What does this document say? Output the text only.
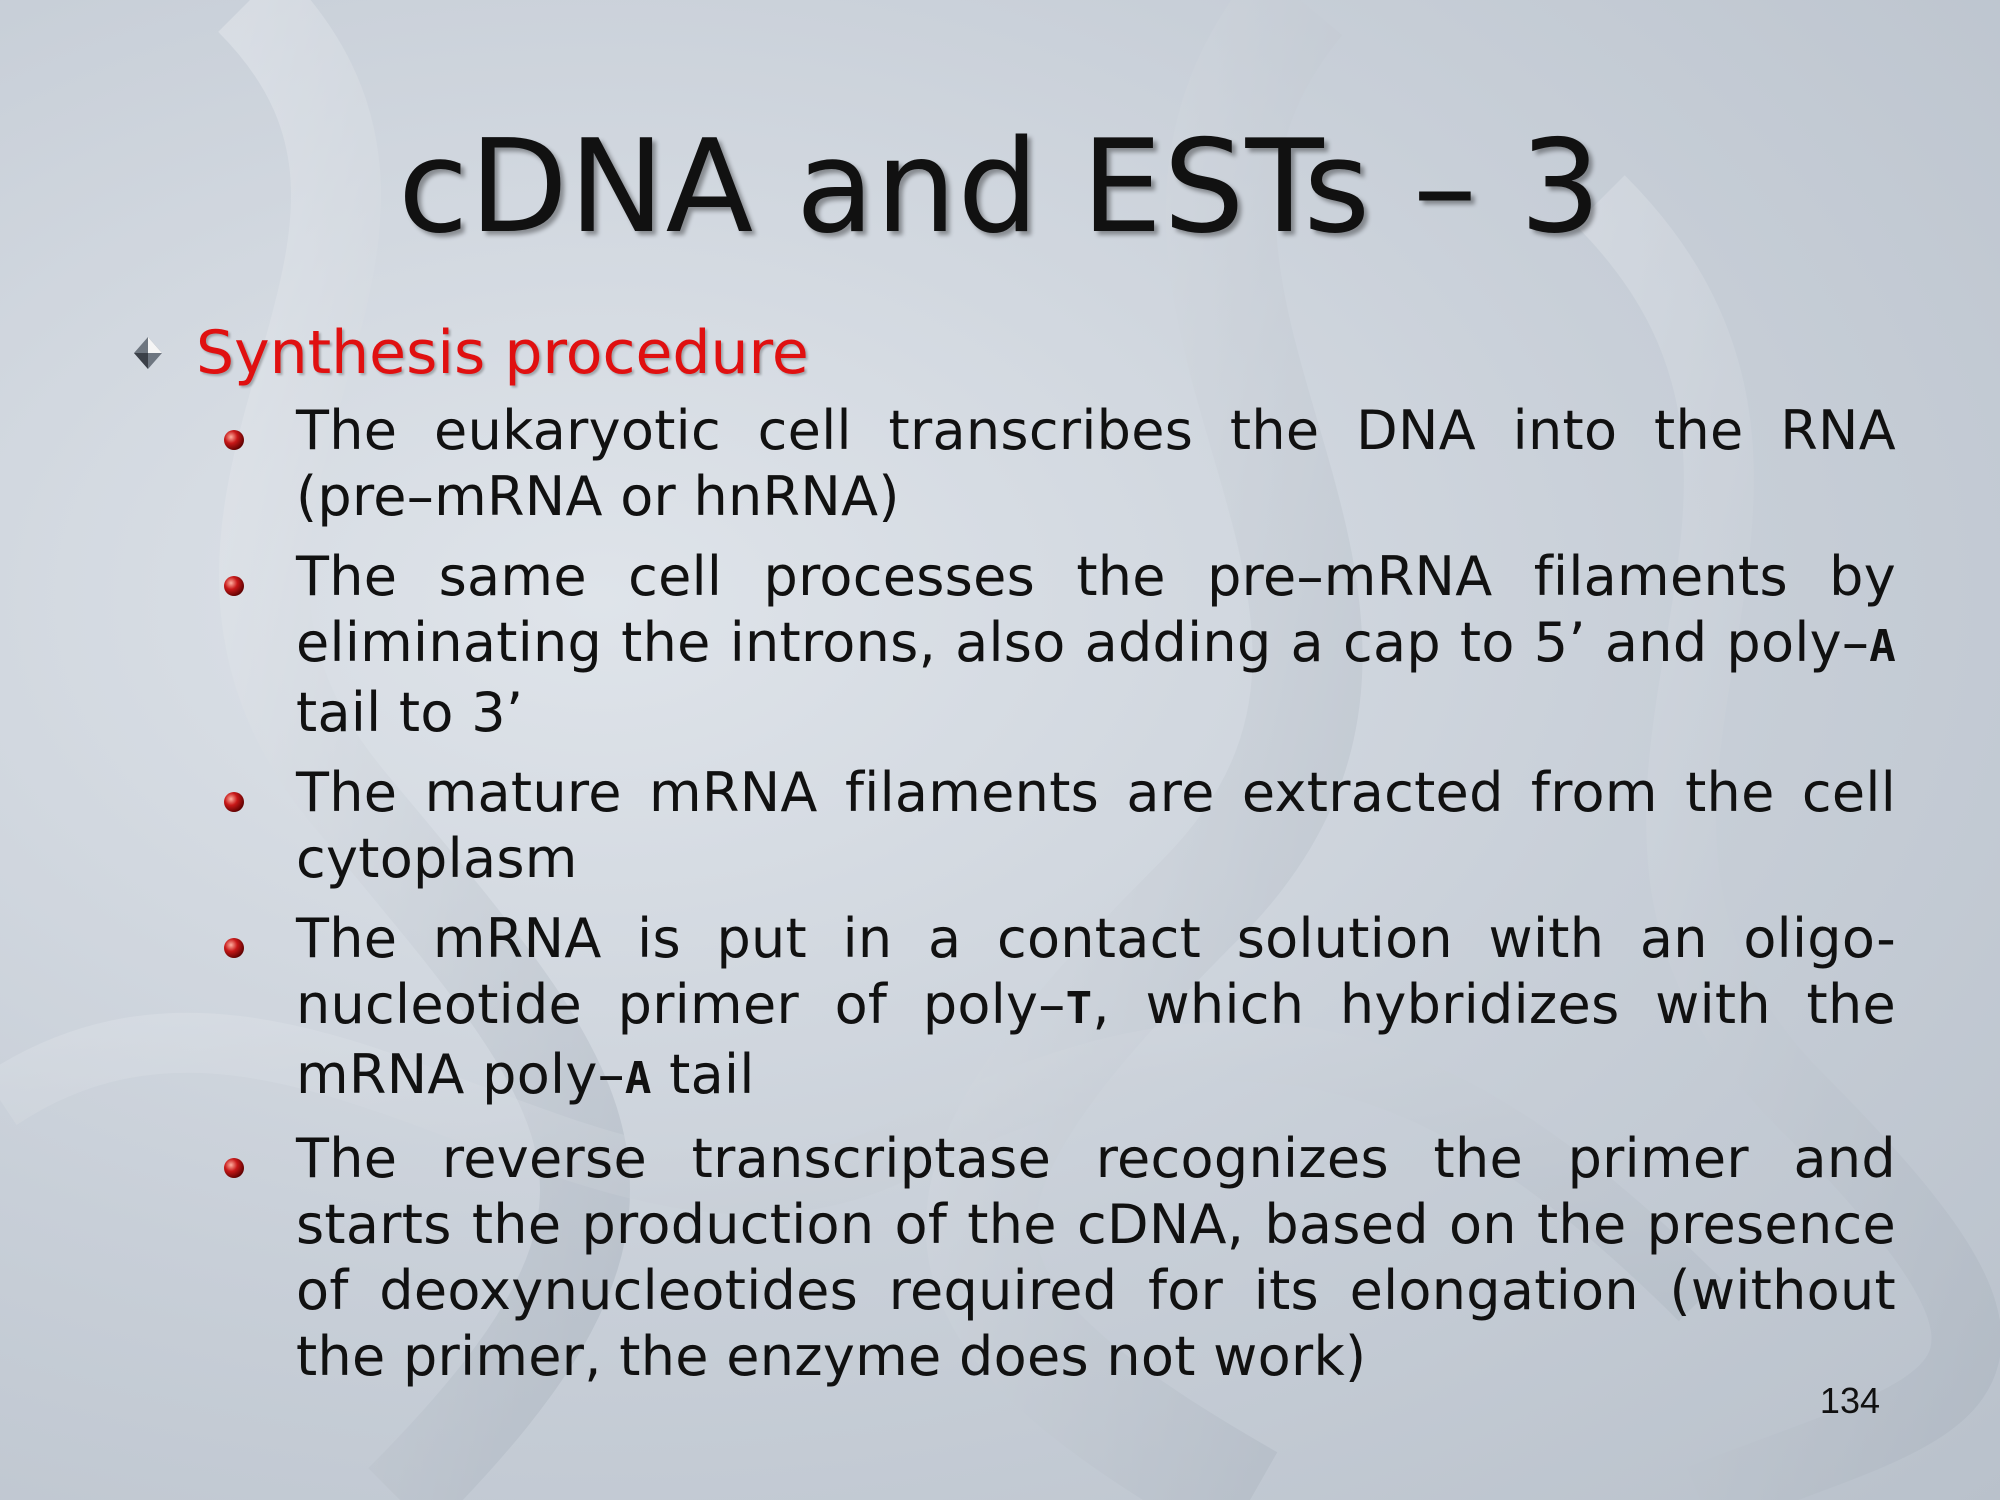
cDNA and ESTs – 3
Synthesis procedure
The eukaryotic cell transcribes the DNA into the RNA (pre–mRNA or hnRNA)
The same cell processes the pre–mRNA filaments by eliminating the introns, also adding a cap to 5’ and poly–A tail to 3’
The mature mRNA filaments are extracted from the cell cytoplasm
The mRNA is put in a contact solution with an oligo-nucleotide primer of poly–T, which hybridizes with the mRNA poly–A tail
The reverse transcriptase recognizes the primer and starts the production of the cDNA, based on the presence of deoxynucleotides required for its elongation (without the primer, the enzyme does not work)
134
